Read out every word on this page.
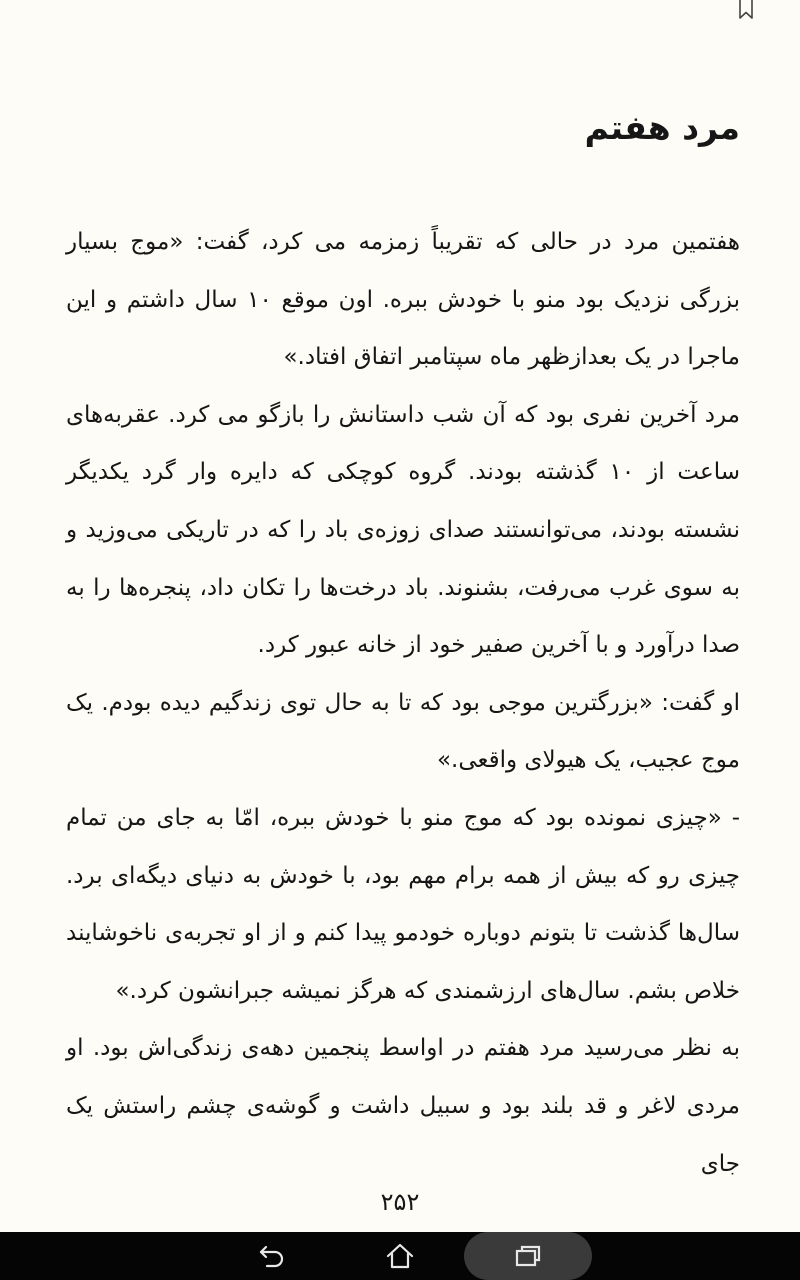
مرد هفتم

هفتمین مرد در حالی که تقریباً زمزمه می کرد، گفت: «موج بسیار بزرگی نزدیک بود منو با خودش ببره. اون موقع ۱۰ سال داشتم و این ماجرا در یک بعدازظهر ماه سپتامبر اتفاق افتاد.»

مرد آخرین نفری بود که آن شب داستانش را بازگو می کرد. عقربه‌های ساعت از ۱۰ گذشته بودند. گروه کوچکی که دایره وار گرد یکدیگر نشسته بودند، می‌توانستند صدای زوزه‌ی باد را که در تاریکی می‌وزید و به سوی غرب می‌رفت، بشنوند. باد درخت‌ها را تکان داد، پنجره‌ها را به صدا درآورد و با آخرین صفیر خود از خانه عبور کرد.

او گفت: «بزرگترین موجی بود که تا به حال توی زندگیم دیده بودم. یک موج عجیب، یک هیولای واقعی.»

- «چیزی نمونده بود که موج منو با خودش ببره، امّا به جای من تمام چیزی رو که بیش از همه برام مهم بود، با خودش به دنیای دیگه‌ای برد. سال‌ها گذشت تا بتونم دوباره خودمو پیدا کنم و از او تجربه‌ی ناخوشایند خلاص بشم. سال‌های ارزشمندی که هرگز نمیشه جبرانشون کرد.»

به نظر می‌رسید مرد هفتم در اواسط پنجمین دهه‌ی زندگی‌اش بود. او مردی لاغر و قد بلند بود و سبیل داشت و گوشه‌ی چشم راستش یک جای

۲۵۲
